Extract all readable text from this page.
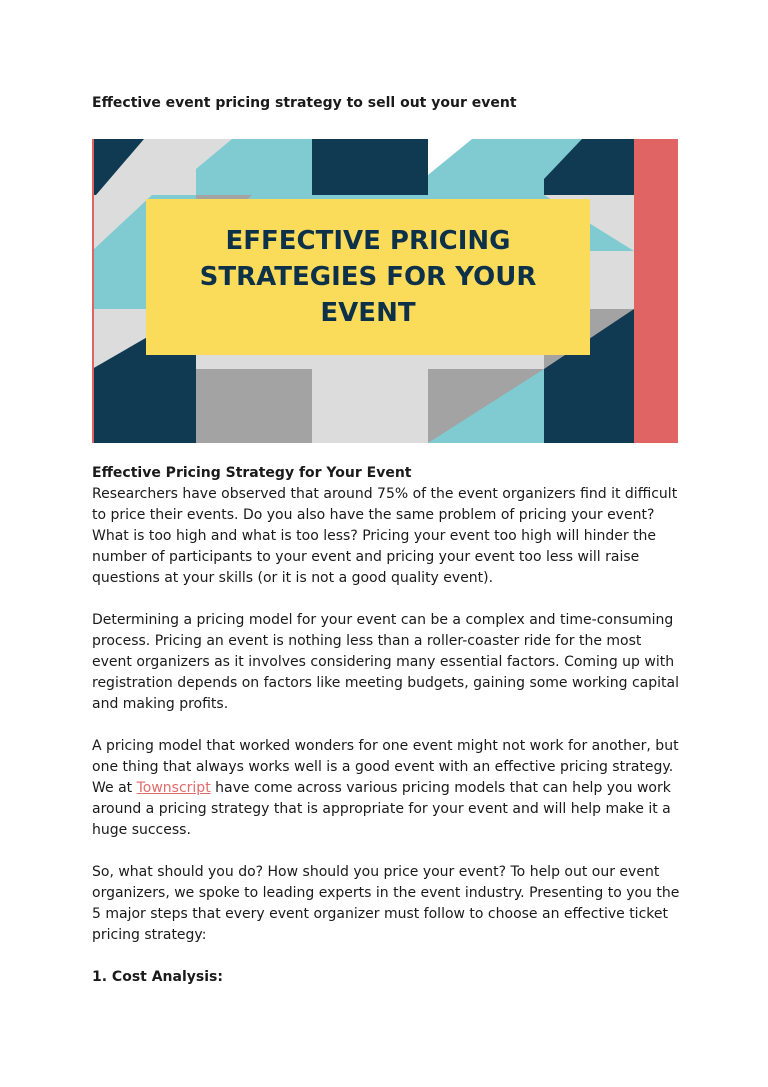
Effective event pricing strategy to sell out your event
EFFECTIVE PRICING
STRATEGIES FOR YOUR
EVENT

Effective Pricing Strategy for Your Event

Researchers have observed that around 75% of the event organizers find it difficult to price their events. Do you also have the same problem of pricing your event? What is too high and what is too less? Pricing your event too high will hinder the number of participants to your event and pricing your event too less will raise questions at your skills (or it is not a good quality event).

Determining a pricing model for your event can be a complex and time-consuming process. Pricing an event is nothing less than a roller-coaster ride for the most event organizers as it involves considering many essential factors. Coming up with registration depends on factors like meeting budgets, gaining some working capital and making profits.

A pricing model that worked wonders for one event might not work for another, but one thing that always works well is a good event with an effective pricing strategy. We at Townscript have come across various pricing models that can help you work around a pricing strategy that is appropriate for your event and will help make it a huge success.

So, what should you do? How should you price your event? To help out our event organizers, we spoke to leading experts in the event industry. Presenting to you the 5 major steps that every event organizer must follow to choose an effective ticket pricing strategy:

1. Cost Analysis:
